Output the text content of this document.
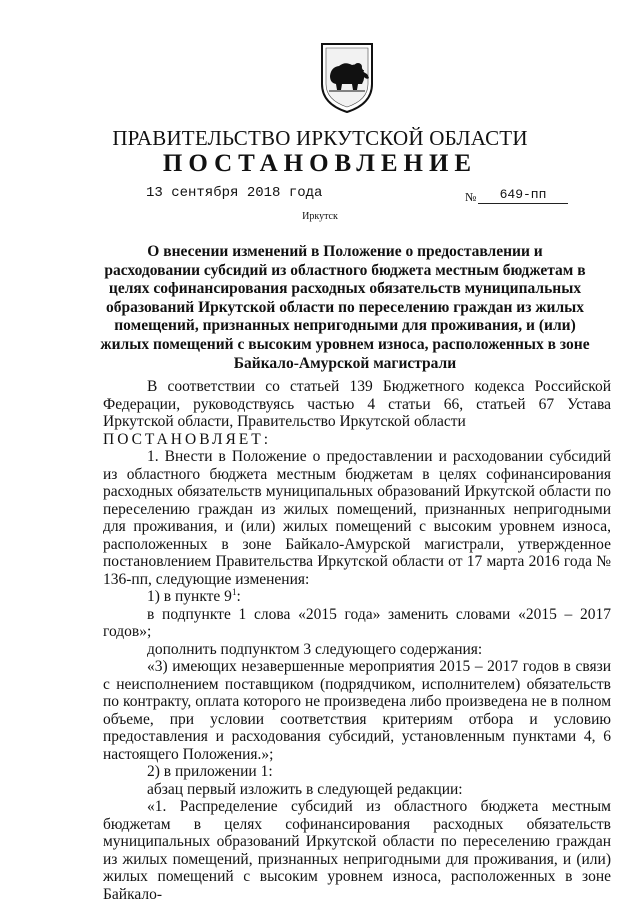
ПРАВИТЕЛЬСТВО ИРКУТСКОЙ ОБЛАСТИ
ПОСТАНОВЛЕНИЕ
13 сентября 2018 года	№	649-пп
Иркутск
О внесении изменений в Положение о предоставлении и расходовании субсидий из областного бюджета местным бюджетам в целях софинансирования расходных обязательств муниципальных образований Иркутской области по переселению граждан из жилых помещений, признанных непригодными для проживания, и (или) жилых помещений с высоким уровнем износа, расположенных в зоне Байкало-Амурской магистрали

В соответствии со статьей 139 Бюджетного кодекса Российской Федерации, руководствуясь частью 4 статьи 66, статьей 67 Устава Иркутской области, Правительство Иркутской области

ПОСТАНОВЛЯЕТ:

1. Внести в Положение о предоставлении и расходовании субсидий из областного бюджета местным бюджетам в целях софинансирования расходных обязательств муниципальных образований Иркутской области по переселению граждан из жилых помещений, признанных непригодными для проживания, и (или) жилых помещений с высоким уровнем износа, расположенных в зоне Байкало-Амурской магистрали, утвержденное постановлением Правительства Иркутской области от 17 марта 2016 года № 136-пп, следующие изменения:

1) в пункте $9^1$:

в подпункте 1 слова «2015 года» заменить словами «2015 – 2017 годов»;

дополнить подпунктом 3 следующего содержания:

«3) имеющих незавершенные мероприятия 2015 – 2017 годов в связи с неисполнением поставщиком (подрядчиком, исполнителем) обязательств по контракту, оплата которого не произведена либо произведена не в полном объеме, при условии соответствия критериям отбора и условию предоставления и расходования субсидий, установленным пунктами 4, 6 настоящего Положения.»;

2) в приложении 1:

абзац первый изложить в следующей редакции:

«1. Распределение субсидий из областного бюджета местным бюджетам в целях софинансирования расходных обязательств муниципальных образований Иркутской области по переселению граждан из жилых помещений, признанных непригодными для проживания, и (или) жилых помещений с высоким уровнем износа, расположенных в зоне Байкало-
